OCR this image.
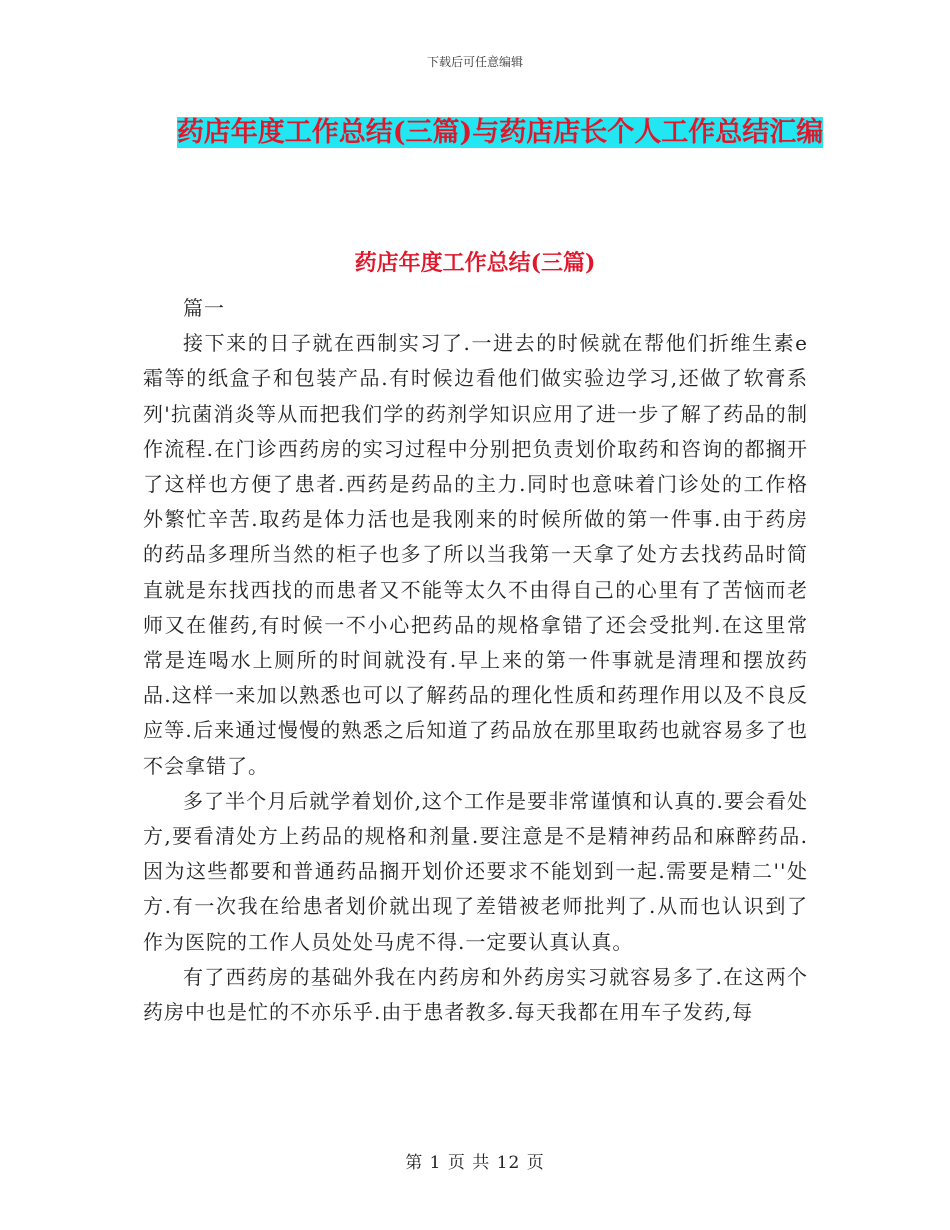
下载后可任意编辑
药店年度工作总结(三篇)与药店店长个人工作总结汇编
药店年度工作总结(三篇)

篇一

接下来的日子就在西制实习了.一进去的时候就在帮他们折维生素e霜等的纸盒子和包装产品.有时候边看他们做实验边学习,还做了软膏系列'抗菌消炎等从而把我们学的药剂学知识应用了进一步了解了药品的制作流程.在门诊西药房的实习过程中分别把负责划价取药和咨询的都搁开了这样也方便了患者.西药是药品的主力.同时也意味着门诊处的工作格外繁忙辛苦.取药是体力活也是我刚来的时候所做的第一件事.由于药房的药品多理所当然的柜子也多了所以当我第一天拿了处方去找药品时简直就是东找西找的而患者又不能等太久不由得自己的心里有了苦恼而老师又在催药,有时候一不小心把药品的规格拿错了还会受批判.在这里常常是连喝水上厕所的时间就没有.早上来的第一件事就是清理和摆放药品.这样一来加以熟悉也可以了解药品的理化性质和药理作用以及不良反应等.后来通过慢慢的熟悉之后知道了药品放在那里取药也就容易多了也不会拿错了。

多了半个月后就学着划价,这个工作是要非常谨慎和认真的.要会看处方,要看清处方上药品的规格和剂量.要注意是不是精神药品和麻醉药品.因为这些都要和普通药品搁开划价还要求不能划到一起.需要是精二''处方.有一次我在给患者划价就出现了差错被老师批判了.从而也认识到了作为医院的工作人员处处马虎不得.一定要认真认真。

有了西药房的基础外我在内药房和外药房实习就容易多了.在这两个药房中也是忙的不亦乐乎.由于患者教多.每天我都在用车子发药,每

第 1 页 共 12 页
